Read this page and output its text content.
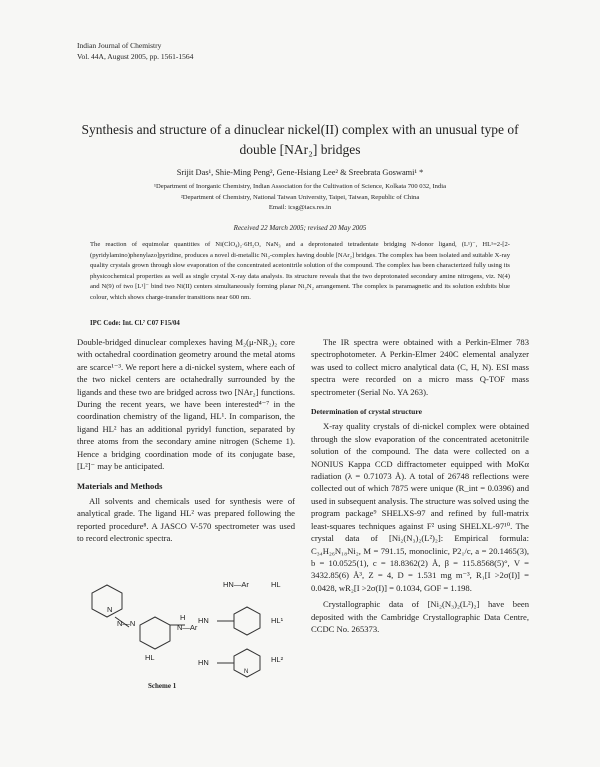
Indian Journal of Chemistry
Vol. 44A, August 2005, pp. 1561-1564
Synthesis and structure of a dinuclear nickel(II) complex with an unusual type of
double [NAr₂] bridges
Srijit Das¹, Shie-Ming Peng², Gene-Hsiang Lee² & Sreebrata Goswami¹ *
¹Department of Inorganic Chemistry, Indian Association for the Cultivation of Science, Kolkata 700 032, India
²Department of Chemistry, National Taiwan University, Taipei, Taiwan, Republic of China
Email: icsg@iacs.res.in
Received 22 March 2005; revised 20 May 2005
The reaction of equimolar quantities of Ni(ClO₄)₂·6H₂O, NaN₃ and a deprotonated tetradentate bridging N-donor ligand, (L¹)⁻, HL¹=2-[2-(pyridylamino)phenylazo]pyridine, produces a novel di-metallic Ni₂-complex having double [NAr₂] bridges. The complex has been isolated and suitable X-ray quality crystals grown through slow evaporation of the concentrated acetonitrile solution of the compound. The complex has been characterized fully using its physicochemical properties as well as single crystal X-ray data analysis. Its structure reveals that the two deprotonated secondary amine nitrogens, viz. N(4) and N(9) of two [L¹]⁻ bind two Ni(II) centers simultaneously forming planar Ni₂N₂ arrangement. The complex is paramagnetic and its solution exhibits blue colour, which shows charge-transfer transitions near 600 nm.
IPC Code: Int. Cl.⁷ C07 F15/04

Double-bridged dinuclear complexes having M₂(μ-NR₂)₂ core with octahedral coordination geometry around the metal atoms are scarce¹⁻³. We report here a di-nickel system, where each of the two nickel centers are octahedrally surrounded by the ligands and these two are bridged across two [NAr₂] functions. During the recent years, we have been interested⁴⁻⁷ in the coordination chemistry of the ligand, HL¹. In comparison, the ligand HL² has an additional pyridyl function, separated by three atoms from the secondary amine nitrogen (Scheme 1). Hence a bridging coordination mode of its conjugate base, [L²]⁻ may be anticipated.

Materials and Methods

All solvents and chemicals used for synthesis were of analytical grade. The ligand HL² was prepared following the reported procedure⁸. A JASCO V-570 spectrometer was used to record electronic spectra.

The IR spectra were obtained with a Perkin-Elmer 783 spectrophotometer. A Perkin-Elmer 240C elemental analyzer was used to collect micro analytical data (C, H, N). ESI mass spectra were recorded on a micro mass Q-TOF mass spectrometer (Serial No. YA 263).

Determination of crystal structure

X-ray quality crystals of di-nickel complex were obtained through the slow evaporation of the concentrated acetonitrile solution of the compound. The data were collected on a NONIUS Kappa CCD diffractometer equipped with MoKα radiation (λ = 0.71073 Å). A total of 26748 reflections were collected out of which 7875 were unique (R_int = 0.0396) and used in subsequent analysis. The structure was solved using the program package⁹ SHELXS-97 and refined by full-matrix least-squares techniques against F² using SHELXL-97¹⁰. The crystal data of [Ni₂(N₃)₂(L²)₂]: Empirical formula: C₃₄H₂₆N₁₈Ni₂, M = 791.15, monoclinic, P2₁/c, a = 20.1465(3), b = 10.0525(1), c = 18.8362(2) Å, β = 115.8568(5)°, V = 3432.85(6) Å³, Z = 4, D = 1.531 mg m⁻³, R₁[I >2σ(I)] = 0.0428, wR₂[I >2σ(I)] = 0.1034, GOF = 1.198.

Crystallographic data of [Ni₂(N₃)₂(L²)₂] have been deposited with the Cambridge Crystallographic Data Centre, CCDC No. 265373.

N—N
N
H
N—Ar
HL
HN—Ar	HL
HN	HL¹
HN	HL²
N
Scheme 1
